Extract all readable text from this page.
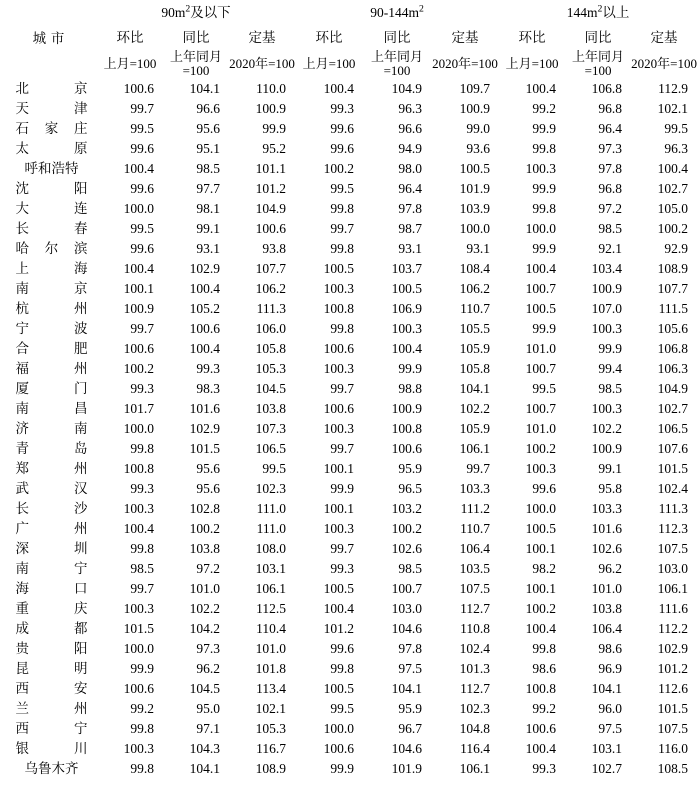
城市	$90m^2$及以下			$90-144m^2$			$144m^2$以上		
	环比	同比	定基	环比	同比	定基	环比	同比	定基
	上月=100	上年同月=100	2020年=100	上月=100	上年同月=100	2020年=100	上月=100	上年同月=100	2020年=100
北京	100.6	104.1	110.0	100.4	104.9	109.7	100.4	106.8	112.9
天津	99.7	96.6	100.9	99.3	96.3	100.9	99.2	96.8	102.1
石家庄	99.5	95.6	99.9	99.6	96.6	99.0	99.9	96.4	99.5
太原	99.6	95.1	95.2	99.6	94.9	93.6	99.8	97.3	96.3
呼和浩特	100.4	98.5	101.1	100.2	98.0	100.5	100.3	97.8	100.4
沈阳	99.6	97.7	101.2	99.5	96.4	101.9	99.9	96.8	102.7
大连	100.0	98.1	104.9	99.8	97.8	103.9	99.8	97.2	105.0
长春	99.5	99.1	100.6	99.7	98.7	100.0	100.0	98.5	100.2
哈尔滨	99.6	93.1	93.8	99.8	93.1	93.1	99.9	92.1	92.9
上海	100.4	102.9	107.7	100.5	103.7	108.4	100.4	103.4	108.9
南京	100.1	100.4	106.2	100.3	100.5	106.2	100.7	100.9	107.7
杭州	100.9	105.2	111.3	100.8	106.9	110.7	100.5	107.0	111.5
宁波	99.7	100.6	106.0	99.8	100.3	105.5	99.9	100.3	105.6
合肥	100.6	100.4	105.8	100.6	100.4	105.9	101.0	99.9	106.8
福州	100.2	99.3	105.3	100.3	99.9	105.8	100.7	99.4	106.3
厦门	99.3	98.3	104.5	99.7	98.8	104.1	99.5	98.5	104.9
南昌	101.7	101.6	103.8	100.6	100.9	102.2	100.7	100.3	102.7
济南	100.0	102.9	107.3	100.3	100.8	105.9	101.0	102.2	106.5
青岛	99.8	101.5	106.5	99.7	100.6	106.1	100.2	100.9	107.6
郑州	100.8	95.6	99.5	100.1	95.9	99.7	100.3	99.1	101.5
武汉	99.3	95.6	102.3	99.9	96.5	103.3	99.6	95.8	102.4
长沙	100.3	102.8	111.0	100.1	103.2	111.2	100.0	103.3	111.3
广州	100.4	100.2	111.0	100.3	100.2	110.7	100.5	101.6	112.3
深圳	99.8	103.8	108.0	99.7	102.6	106.4	100.1	102.6	107.5
南宁	98.5	97.2	103.1	99.3	98.5	103.5	98.2	96.2	103.0
海口	99.7	101.0	106.1	100.5	100.7	107.5	100.1	101.0	106.1
重庆	100.3	102.2	112.5	100.4	103.0	112.7	100.2	103.8	111.6
成都	101.5	104.2	110.4	101.2	104.6	110.8	100.4	106.4	112.2
贵阳	100.0	97.3	101.0	99.6	97.8	102.4	99.8	98.6	102.9
昆明	99.9	96.2	101.8	99.8	97.5	101.3	98.6	96.9	101.2
西安	100.6	104.5	113.4	100.5	104.1	112.7	100.8	104.1	112.6
兰州	99.2	95.0	102.1	99.5	95.9	102.3	99.2	96.0	101.5
西宁	99.8	97.1	105.3	100.0	96.7	104.8	100.6	97.5	107.5
银川	100.3	104.3	116.7	100.6	104.6	116.4	100.4	103.1	116.0
乌鲁木齐	99.8	104.1	108.9	99.9	101.9	106.1	99.3	102.7	108.5
